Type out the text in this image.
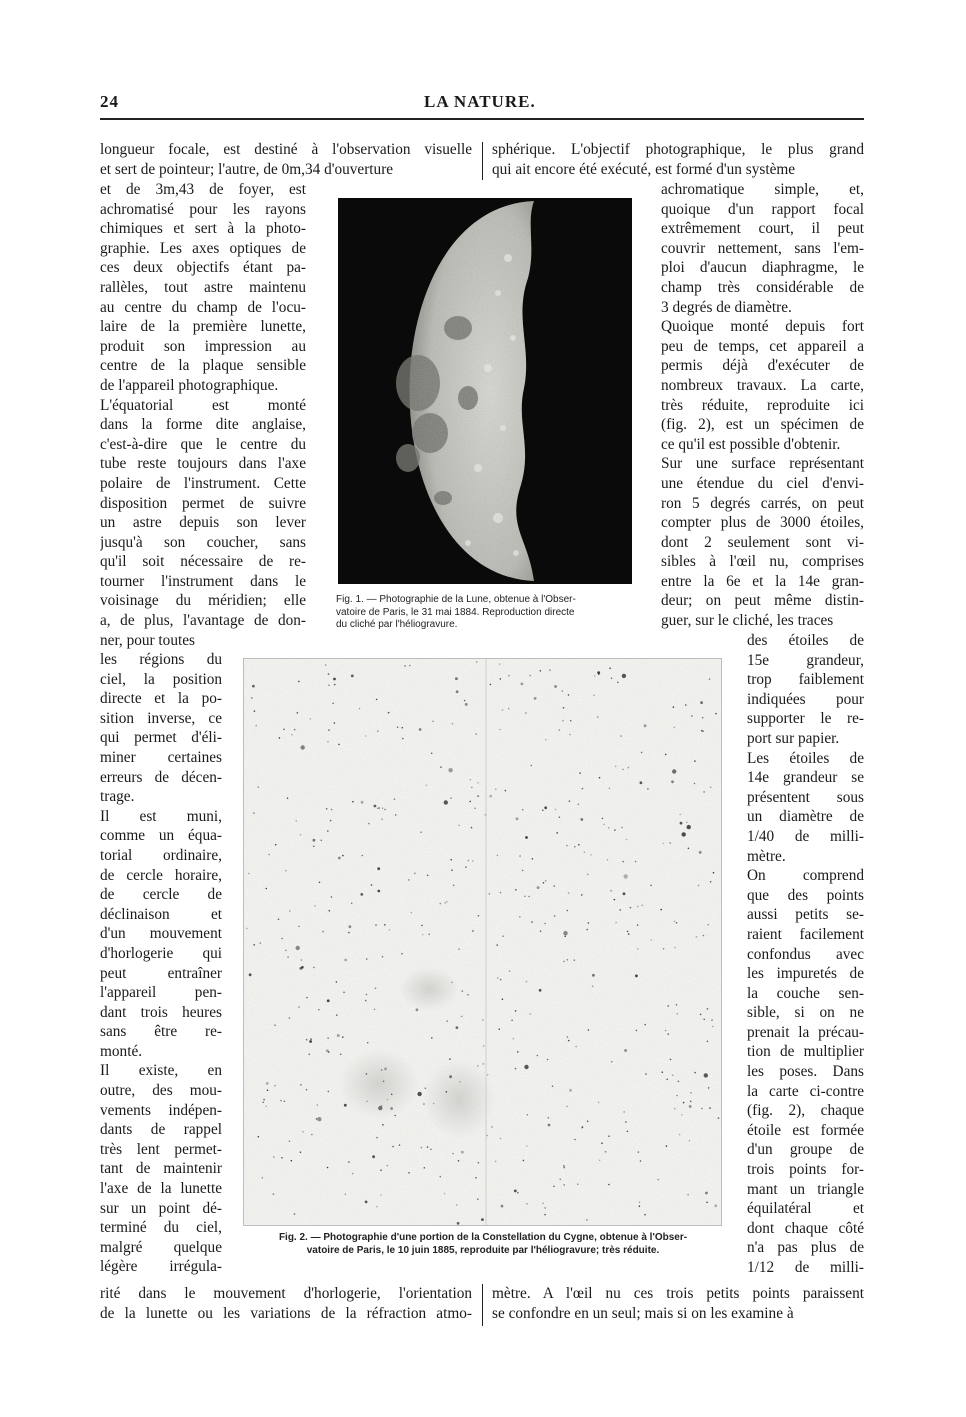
24	LA NATURE.
longueur focale, est destiné à l'observation visuelle
et sert de pointeur; l'autre, de 0m,34 d'ouverture
et de 3m,43 de foyer, est
achromatisé pour les rayons
chimiques et sert à la photo-
graphie. Les axes optiques de
ces deux objectifs étant pa-
rallèles, tout astre maintenu
au centre du champ de l'ocu-
laire de la première lunette,
produit son impression au
centre de la plaque sensible
de l'appareil photographique.
L'équatorial est monté
dans la forme dite anglaise,
c'est-à-dire que le centre du
tube reste toujours dans l'axe
polaire de l'instrument. Cette
disposition permet de suivre
un astre depuis son lever
jusqu'à son coucher, sans
qu'il soit nécessaire de re-
tourner l'instrument dans le
voisinage du méridien; elle
a, de plus, l'avantage de don-
ner, pour toutes
les régions du
ciel, la position
directe et la po-
sition inverse, ce
qui permet d'éli-
miner certaines
erreurs de décen-
trage.
Il est muni,
comme un équa-
torial ordinaire,
de cercle horaire,
de cercle de
déclinaison et
d'un mouvement
d'horlogerie qui
peut entraîner
l'appareil pen-
dant trois heures
sans être re-
monté.
Il existe, en
outre, des mou-
vements indépen-
dants de rappel
très lent permet-
tant de maintenir
l'axe de la lunette
sur un point dé-
terminé du ciel,
malgré quelque
légère irrégula-
rité dans le mouvement d'horlogerie, l'orientation
de la lunette ou les variations de la réfraction atmo-
sphérique. L'objectif photographique, le plus grand
qui ait encore été exécuté, est formé d'un système
achromatique simple, et,
quoique d'un rapport focal
extrêmement court, il peut
couvrir nettement, sans l'em-
ploi d'aucun diaphragme, le
champ très considérable de
3 degrés de diamètre.
Quoique monté depuis fort
peu de temps, cet appareil a
permis déjà d'exécuter de
nombreux travaux. La carte,
très réduite, reproduite ici
(fig. 2), est un spécimen de
ce qu'il est possible d'obtenir.
Sur une surface représentant
une étendue du ciel d'envi-
ron 5 degrés carrés, on peut
compter plus de 3000 étoiles,
dont 2 seulement sont vi-
sibles à l'œil nu, comprises
entre la 6e et la 14e gran-
deur; on peut même distin-
guer, sur le cliché, les traces
des étoiles de
15e grandeur,
trop faiblement
indiquées pour
supporter le re-
port sur papier.
Les étoiles de
14e grandeur se
présentent sous
un diamètre de
1/40 de milli-
mètre.
On comprend
que des points
aussi petits se-
raient facilement
confondus avec
les impuretés de
la couche sen-
sible, si on ne
prenait la précau-
tion de multiplier
les poses. Dans
la carte ci-contre
(fig. 2), chaque
étoile est formée
d'un groupe de
trois points for-
mant un triangle
équilatéral et
dont chaque côté
n'a pas plus de
1/12 de milli-
mètre. A l'œil nu ces trois petits points paraissent
se confondre en un seul; mais si on les examine à
Fig. 1. — Photographie de la Lune, obtenue à l'Obser-
vatoire de Paris, le 31 mai 1884. Reproduction directe
du cliché par l'héliogravure.
Fig. 2. — Photographie d'une portion de la Constellation du Cygne, obtenue à l'Obser-
vatoire de Paris, le 10 juin 1885, reproduite par l'héliogravure; très réduite.
